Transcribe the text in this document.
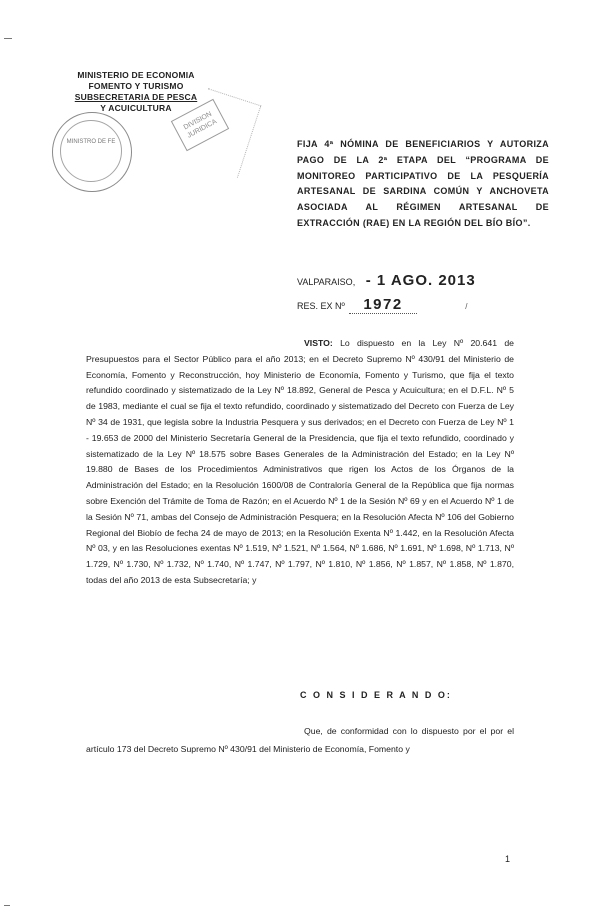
MINISTERIO DE ECONOMIA
FOMENTO Y TURISMO
SUBSECRETARIA DE PESCA
Y ACUICULTURA
MINISTRO DE FE
DIVISION JURIDICA
FIJA 4ª NÓMINA DE BENEFICIARIOS Y AUTORIZA PAGO DE LA 2ª ETAPA DEL “PROGRAMA DE MONITOREO PARTICIPATIVO DE LA PESQUERÍA ARTESANAL DE SARDINA COMÚN Y ANCHOVETA ASOCIADA AL RÉGIMEN ARTESANAL DE EXTRACCIÓN (RAE) EN LA REGIÓN DEL BÍO BÍO”.
VALPARAISO, - 1 AGO. 2013
RES. EX Nº 1972	/
VISTO: Lo dispuesto en la Ley Nº 20.641 de Presupuestos para el Sector Público para el año 2013; en el Decreto Supremo Nº 430/91 del Ministerio de Economía, Fomento y Reconstrucción, hoy Ministerio de Economía, Fomento y Turismo, que fija el texto refundido coordinado y sistematizado de la Ley Nº 18.892, General de Pesca y Acuicultura; en el D.F.L. Nº 5 de 1983, mediante el cual se fija el texto refundido, coordinado y sistematizado del Decreto con Fuerza de Ley Nº 34 de 1931, que legisla sobre la Industria Pesquera y sus derivados; en el Decreto con Fuerza de Ley Nº 1 - 19.653 de 2000 del Ministerio Secretaría General de la Presidencia, que fija el texto refundido, coordinado y sistematizado de la Ley Nº 18.575 sobre Bases Generales de la Administración del Estado; en la Ley Nº 19.880 de Bases de los Procedimientos Administrativos que rigen los Actos de los Órganos de la Administración del Estado; en la Resolución 1600/08 de Contraloría General de la República que fija normas sobre Exención del Trámite de Toma de Razón; en el Acuerdo Nº 1 de la Sesión Nº 69 y en el Acuerdo Nº 1 de la Sesión Nº 71, ambas del Consejo de Administración Pesquera; en la Resolución Afecta Nº 106 del Gobierno Regional del Biobío de fecha 24 de mayo de 2013; en la Resolución Exenta Nº 1.442, en la Resolución Afecta Nº 03, y en las Resoluciones exentas Nº 1.519, Nº 1.521, Nº 1.564, Nº 1.686, Nº 1.691, Nº 1.698, Nº 1.713, Nº 1.729, Nº 1.730, Nº 1.732, Nº 1.740, Nº 1.747, Nº 1.797, Nº 1.810, Nº 1.856, Nº 1.857, Nº 1.858, Nº 1.870, todas del año 2013 de esta Subsecretaría; y
C O N S I D E R A N D O:
Que, de conformidad con lo dispuesto por el por el artículo 173 del Decreto Supremo Nº 430/91 del Ministerio de Economía, Fomento y
1
